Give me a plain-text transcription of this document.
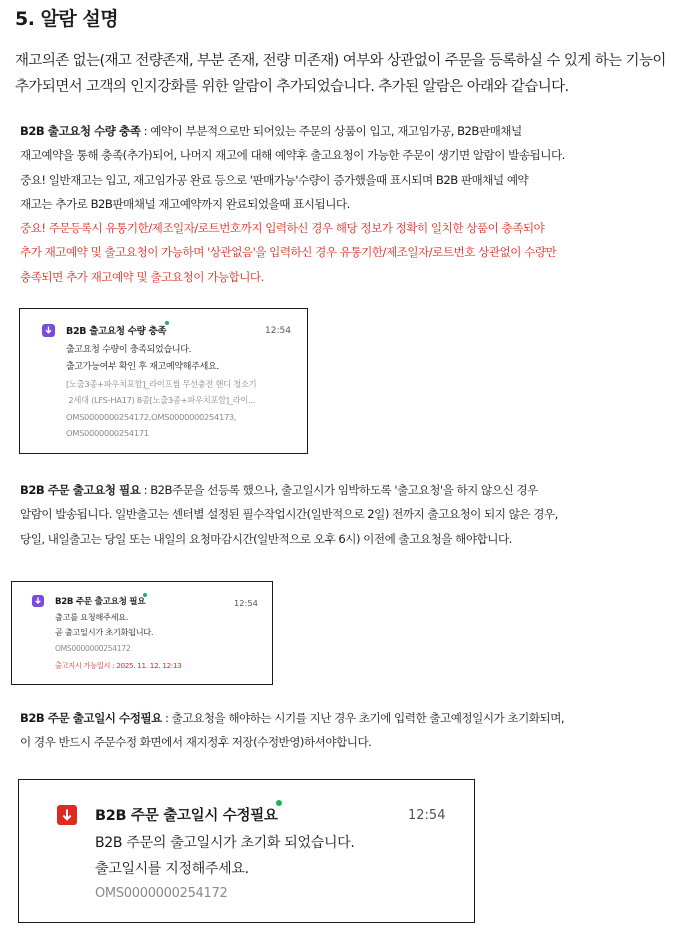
5. 알람 설명
재고의존 없는(재고 전량존재, 부분 존재, 전량 미존재) 여부와 상관없이 주문을 등록하실 수 있게 하는 기능이
추가되면서 고객의 인지강화를 위한 알람이 추가되었습니다. 추가된 알람은 아래와 같습니다.
B2B 출고요청 수량 충족 : 예약이 부분적으로만 되어있는 주문의 상품이 입고, 재고임가공, B2B판매채널
재고예약을 통해 충족(추가)되어, 나머지 재고에 대해 예약후 출고요청이 가능한 주문이 생기면 알람이 발송됩니다.
중요! 일반재고는 입고, 재고임가공 완료 등으로 '판매가능'수량이 증가했을때 표시되며 B2B 판매채널 예약
재고는 추가로 B2B판매채널 재고예약까지 완료되었을때 표시됩니다.
중요! 주문등록시 유통기한/제조일자/로트번호까지 입력하신 경우 해당 정보가 정확히 일치한 상품이 충족되야
추가 재고예약 및 출고요청이 가능하며 '상관없음'을 입력하신 경우 유통기한/제조일자/로트번호 상관없이 수량만
충족되면 추가 재고예약 및 출고요청이 가능합니다.
B2B 출고요청 수량 충족	12:54
출고요청 수량이 충족되었습니다.
출고가능여부 확인 후 재고예약해주세요.
[노출3종+파우치포함]_라이프썸 무선충전 핸디 청소기
2세대 (LFS-HA17) 8종[노출3종+파우치포함]_라이...
OMS0000000254172,OMS0000000254173,
OMS0000000254171
B2B 주문 출고요청 필요 : B2B주문을 선등록 했으나, 출고일시가 임박하도록 '출고요청'을 하지 않으신 경우
알람이 발송됩니다. 일반출고는 센터별 설정된 필수작업시간(일반적으로 2일) 전까지 출고요청이 되지 않은 경우,
당일, 내일출고는 당일 또는 내일의 요청마감시간(일반적으로 오후 6시) 이전에 출고요청을 해야합니다.
B2B 주문 출고요청 필요	12:54
출고를 요청해주세요.
곧 출고일시가 초기화됩니다.
OMS0000000254172
출고지시 가능일시 : 2025. 11. 12. 12:13
B2B 주문 출고일시 수정필요 : 출고요청을 해야하는 시기를 지난 경우 초기에 입력한 출고예정일시가 초기화되며,
이 경우 반드시 주문수정 화면에서 재지정후 저장(수정반영)하셔야합니다.
B2B 주문 출고일시 수정필요	12:54
B2B 주문의 출고일시가 초기화 되었습니다.
출고일시를 지정해주세요.
OMS0000000254172
